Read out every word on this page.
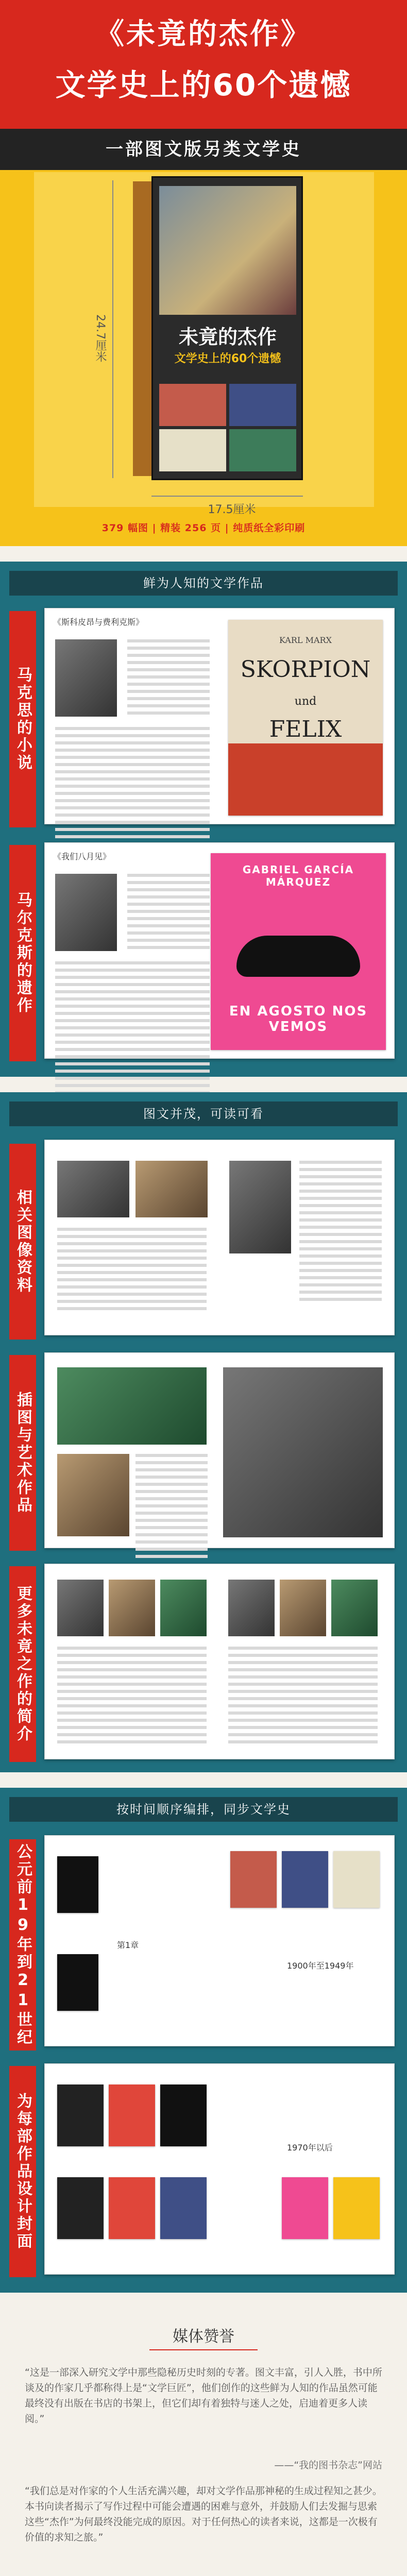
《未竟的杰作》
文学史上的60个遗憾
一部图文版另类文学史
24.7厘米	未竟的杰作
文学史上的60个遗憾
17.5厘米
379 幅图 | 精装 256 页 | 纯质纸全彩印刷
鲜为人知的文学作品
马克思的小说
《斯科皮昂与费利克斯》
KARL MARX
SKORPION
und
FELIX
马尔克斯的遗作
《我们八月见》
GABRIEL GARCÍA MÁRQUEZ
EN AGOSTO NOS VEMOS
图文并茂，可读可看
相关图像资料
插图与艺术作品
更多未竟之作的简介
按时间顺序编排，同步文学史
公元前19年到21世纪	第1章
1900年至1949年
为每部作品设计封面	1970年以后
媒体赞誉
“这是一部深入研究文学中那些隐秘历史时刻的专著。图文丰富，引人入胜，书中所谈及的作家几乎都称得上是“文学巨匠”，他们创作的这些鲜为人知的作品虽然可能最终没有出版在书店的书架上，但它们却有着独特与迷人之处，启迪着更多人读阅。”
——“我的图书杂志”网站
“我们总是对作家的个人生活充满兴趣，却对文学作品那神秘的生成过程知之甚少。本书向读者揭示了写作过程中可能会遭遇的困难与意外，并鼓励人们去发掘与思索这些“杰作”为何最终没能完成的原因。对于任何热心的读者来说，这都是一次极有价值的求知之旅。”
